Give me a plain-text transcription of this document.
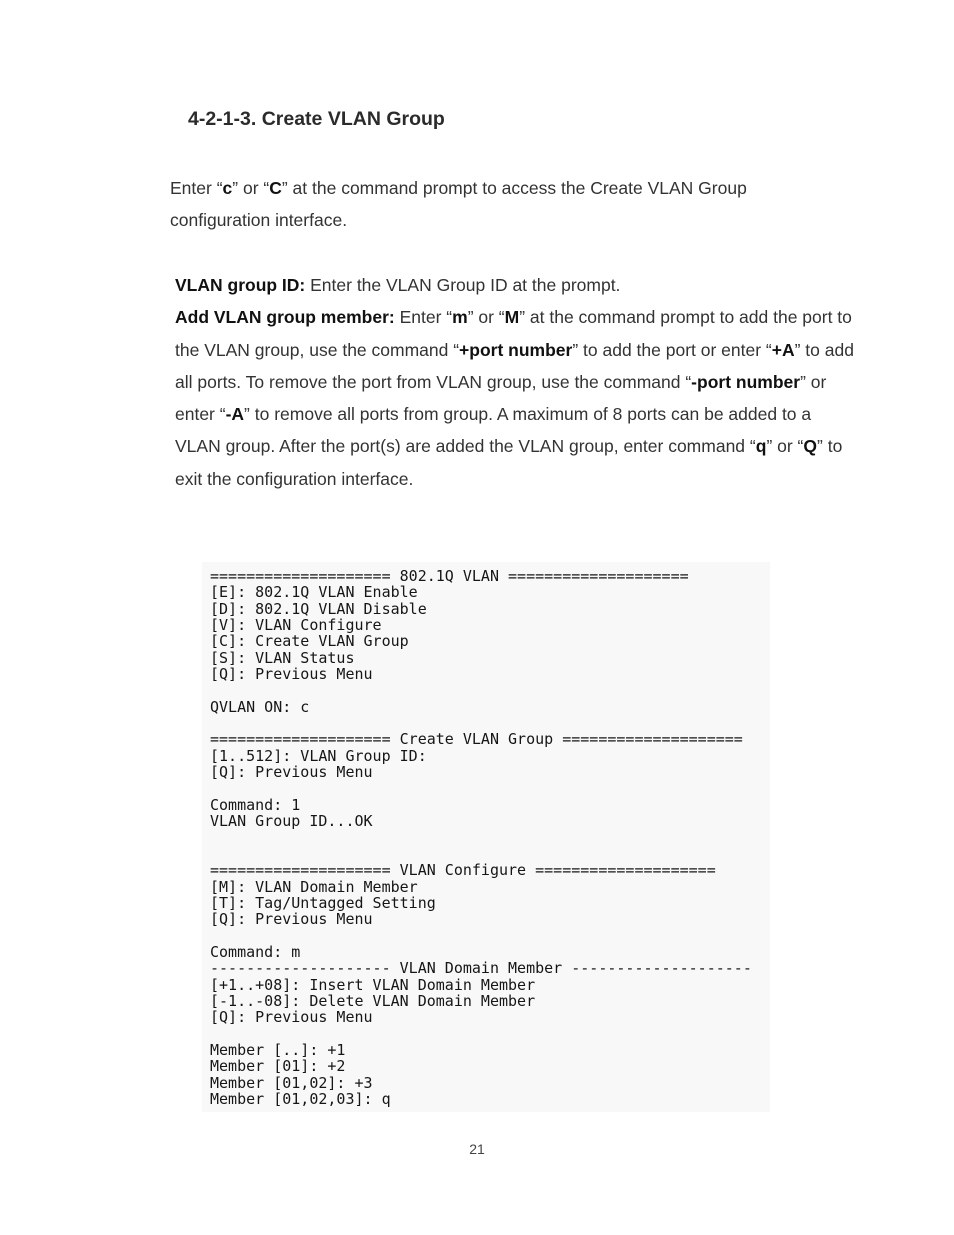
4-2-1-3. Create VLAN Group

Enter “c” or “C” at the command prompt to access the Create VLAN Group configuration interface.

VLAN group ID: Enter the VLAN Group ID at the prompt.
Add VLAN group member: Enter “m” or “M” at the command prompt to add the port to the VLAN group, use the command “+port number” to add the port or enter “+A” to add all ports. To remove the port from VLAN group, use the command “-port number” or enter “-A” to remove all ports from group. A maximum of 8 ports can be added to a VLAN group. After the port(s) are added the VLAN group, enter command “q” or “Q” to exit the configuration interface.
==================== 802.1Q VLAN ====================
[E]: 802.1Q VLAN Enable
[D]: 802.1Q VLAN Disable
[V]: VLAN Configure
[C]: Create VLAN Group
[S]: VLAN Status
[Q]: Previous Menu

QVLAN ON: c

==================== Create VLAN Group ====================
[1..512]: VLAN Group ID:
[Q]: Previous Menu

Command: 1
VLAN Group ID...OK

==================== VLAN Configure ====================
[M]: VLAN Domain Member
[T]: Tag/Untagged Setting
[Q]: Previous Menu

Command: m
-------------------- VLAN Domain Member --------------------
[+1..+08]: Insert VLAN Domain Member
[-1..-08]: Delete VLAN Domain Member
[Q]: Previous Menu

Member [..]: +1
Member [01]: +2
Member [01,02]: +3
Member [01,02,03]: q

21
